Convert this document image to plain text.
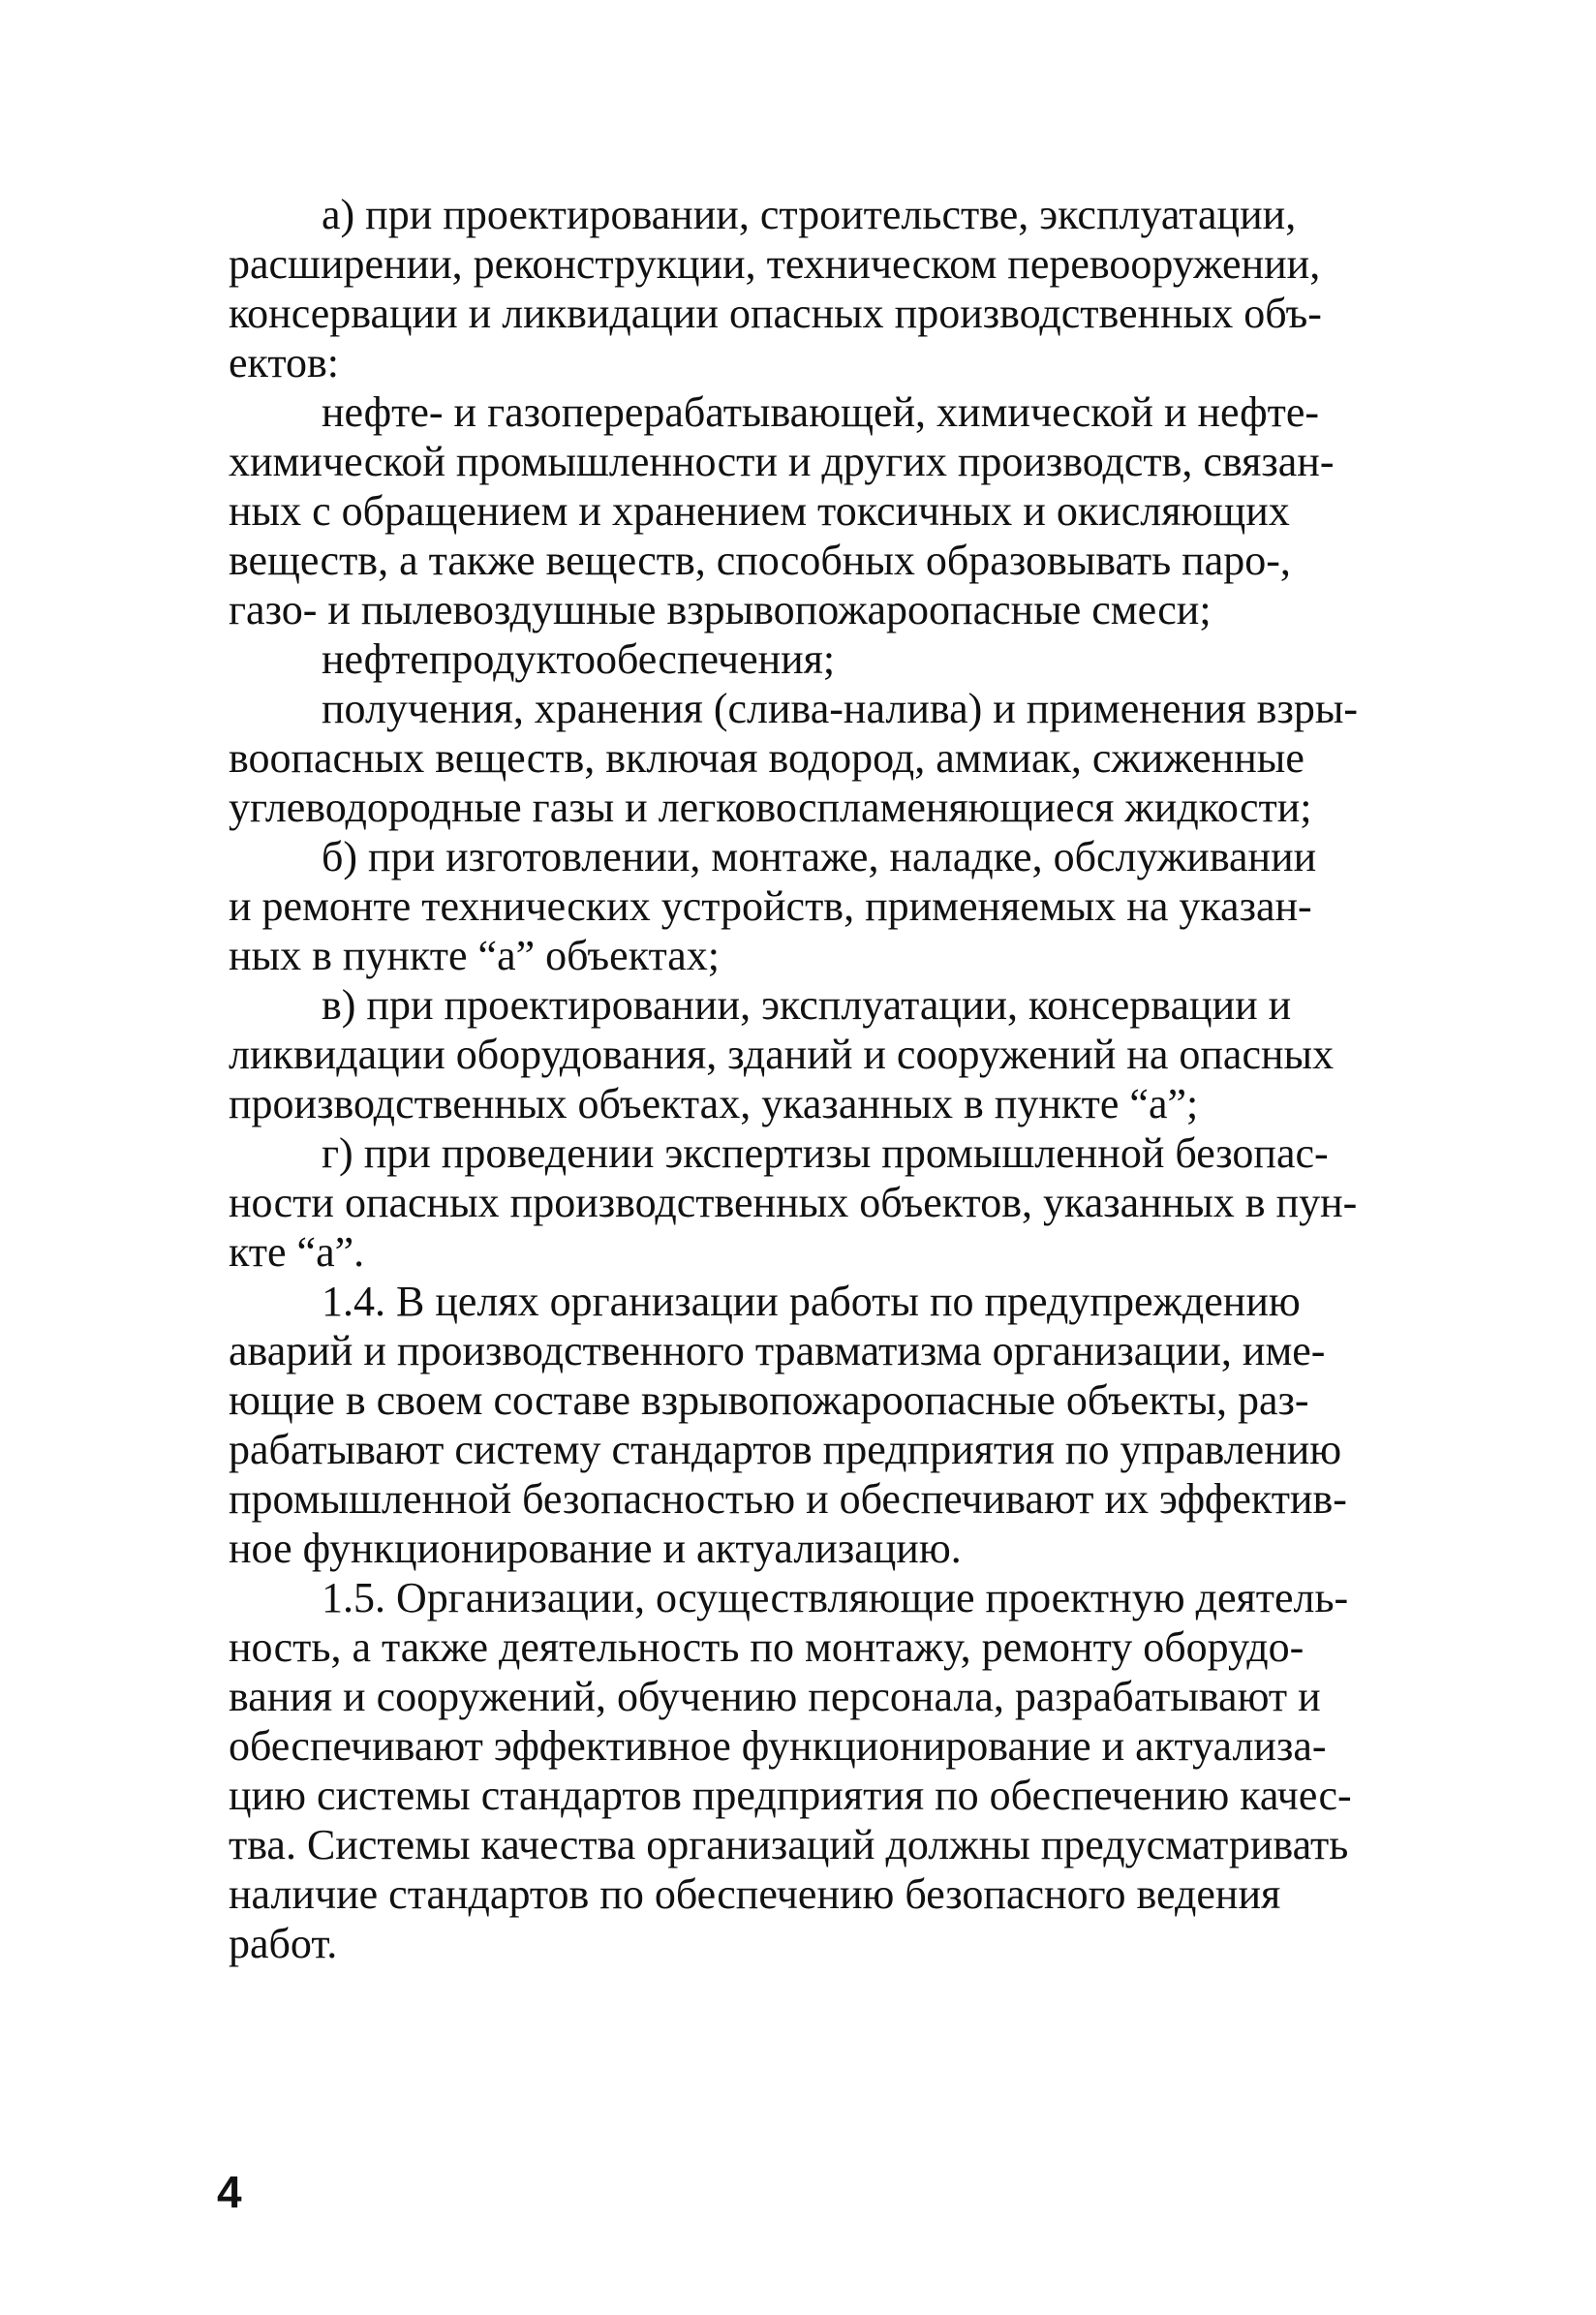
а) при проектировании, строительстве, эксплуатации,
расширении, реконструкции, техническом перевооружении,
консервации и ликвидации опасных производственных объ-
ектов:

нефте- и газоперерабатывающей, химической и нефте-
химической промышленности и других производств, связан-
ных с обращением и хранением токсичных и окисляющих
веществ, а также веществ, способных образовывать паро-,
газо- и пылевоздушные взрывопожароопасные смеси;

нефтепродуктообеспечения;

получения, хранения (слива-налива) и применения взры-
воопасных веществ, включая водород, аммиак, сжиженные
углеводородные газы и легковоспламеняющиеся жидкости;

б) при изготовлении, монтаже, наладке, обслуживании
и ремонте технических устройств, применяемых на указан-
ных в пункте “а” объектах;

в) при проектировании, эксплуатации, консервации и
ликвидации оборудования, зданий и сооружений на опасных
производственных объектах, указанных в пункте “а”;

г) при проведении экспертизы промышленной безопас-
ности опасных производственных объектов, указанных в пун-
кте “а”.

1.4. В целях организации работы по предупреждению
аварий и производственного травматизма организации, име-
ющие в своем составе взрывопожароопасные объекты, раз-
рабатывают систему стандартов предприятия по управлению
промышленной безопасностью и обеспечивают их эффектив-
ное функционирование и актуализацию.

1.5. Организации, осуществляющие проектную деятель-
ность, а также деятельность по монтажу, ремонту оборудо-
вания и сооружений, обучению персонала, разрабатывают и
обеспечивают эффективное функционирование и актуализа-
цию системы стандартов предприятия по обеспечению качес-
тва. Системы качества организаций должны предусматривать
наличие стандартов по обеспечению безопасного ведения
работ.

4
